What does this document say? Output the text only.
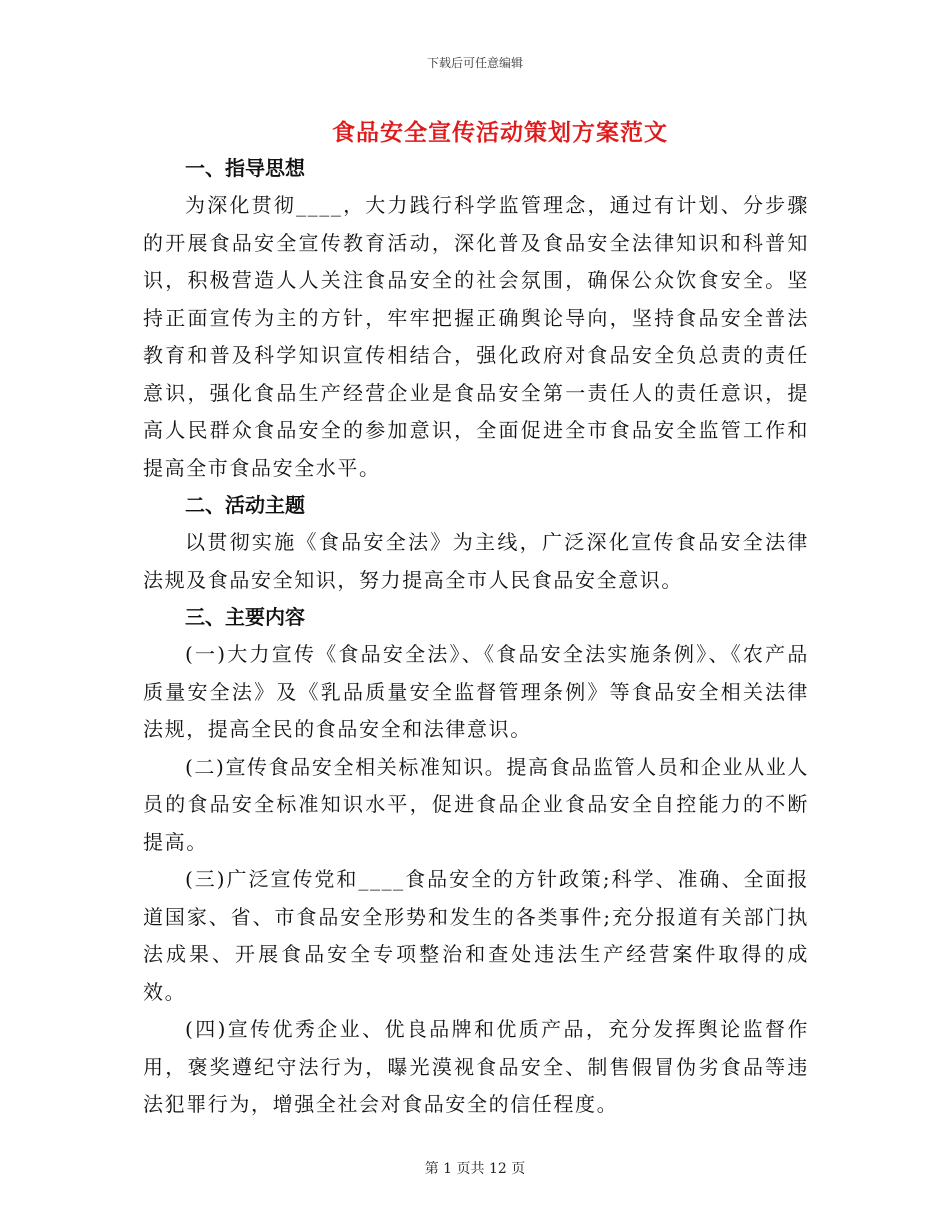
下载后可任意编辑
食品安全宣传活动策划方案范文
一、指导思想

为深化贯彻____，大力践行科学监管理念，通过有计划、分步骤的开展食品安全宣传教育活动，深化普及食品安全法律知识和科普知识，积极营造人人关注食品安全的社会氛围，确保公众饮食安全。坚持正面宣传为主的方针，牢牢把握正确舆论导向，坚持食品安全普法教育和普及科学知识宣传相结合，强化政府对食品安全负总责的责任意识，强化食品生产经营企业是食品安全第一责任人的责任意识，提高人民群众食品安全的参加意识，全面促进全市食品安全监管工作和提高全市食品安全水平。

二、活动主题

以贯彻实施《食品安全法》为主线，广泛深化宣传食品安全法律法规及食品安全知识，努力提高全市人民食品安全意识。

三、主要内容

(一)大力宣传《食品安全法》、《食品安全法实施条例》、《农产品质量安全法》及《乳品质量安全监督管理条例》等食品安全相关法律法规，提高全民的食品安全和法律意识。

(二)宣传食品安全相关标准知识。提高食品监管人员和企业从业人员的食品安全标准知识水平，促进食品企业食品安全自控能力的不断提高。

(三)广泛宣传党和____食品安全的方针政策;科学、准确、全面报道国家、省、市食品安全形势和发生的各类事件;充分报道有关部门执法成果、开展食品安全专项整治和查处违法生产经营案件取得的成效。

(四)宣传优秀企业、优良品牌和优质产品，充分发挥舆论监督作用，褒奖遵纪守法行为，曝光漠视食品安全、制售假冒伪劣食品等违法犯罪行为，增强全社会对食品安全的信任程度。

第 1 页共 12 页
